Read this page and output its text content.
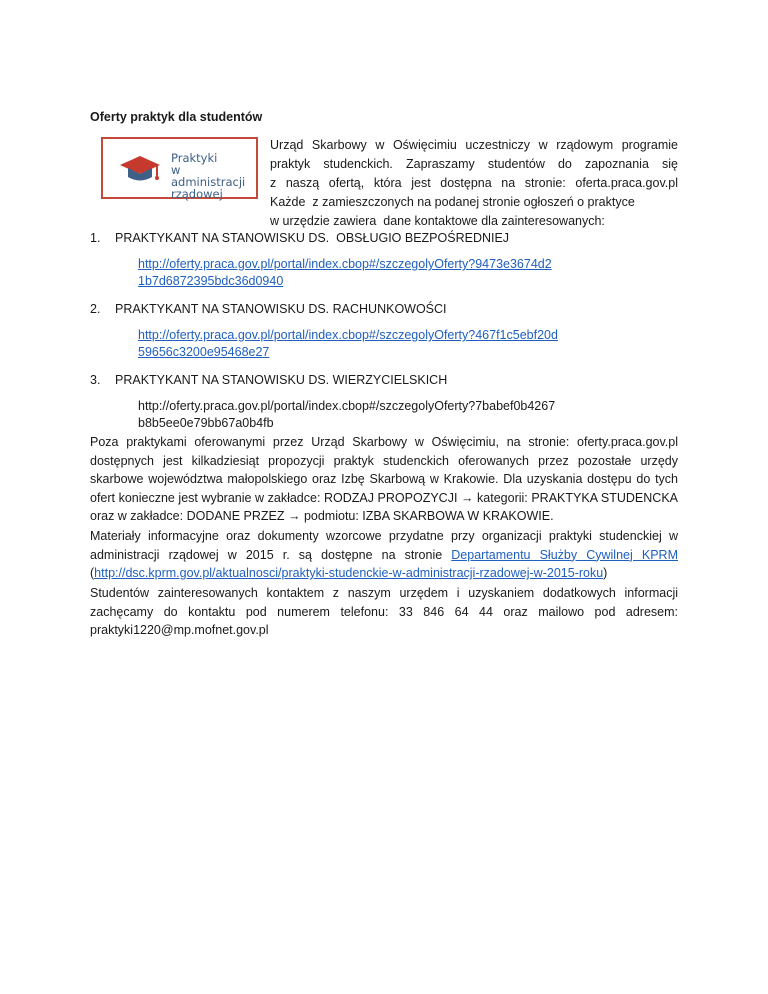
Oferty praktyk dla studentów
Praktyki
w administracji
rządowej

Urząd Skarbowy w Oświęcimiu uczestniczy w rządowym programie

praktyk studenckich. Zapraszamy studentów do zapoznania się

z naszą ofertą, która jest dostępna na stronie: oferta.praca.gov.pl

Każde  z zamieszczonych na podanej stronie ogłoszeń o praktyce

w urzędzie zawiera  dane kontaktowe dla zainteresowanych:

1.	PRAKTYKANT NA STANOWISKU DS.  OBSŁUGIO BEZPOŚREDNIEJ
http://oferty.praca.gov.pl/portal/index.cbop#/szczegolyOferty?9473e3674d21b7d6872395bdc36d0940
2.	PRAKTYKANT NA STANOWISKU DS. RACHUNKOWOŚCI
http://oferty.praca.gov.pl/portal/index.cbop#/szczegolyOferty?467f1c5ebf20d59656c3200e95468e27
3.	PRAKTYKANT NA STANOWISKU DS. WIERZYCIELSKICH
http://oferty.praca.gov.pl/portal/index.cbop#/szczegolyOferty?7babef0b4267b8b5ee0e79bb67a0b4fb

Poza praktykami oferowanymi przez Urząd Skarbowy w Oświęcimiu, na stronie: oferty.praca.gov.pl dostępnych jest kilkadziesiąt propozycji praktyk studenckich oferowanych przez pozostałe urzędy skarbowe województwa małopolskiego oraz Izbę Skarbową w Krakowie. Dla uzyskania dostępu do tych ofert konieczne jest wybranie w zakładce: RODZAJ PROPOZYCJI → kategorii: PRAKTYKA STUDENCKA oraz w zakładce: DODANE PRZEZ → podmiotu: IZBA SKARBOWA W KRAKOWIE.

Materiały informacyjne oraz dokumenty wzorcowe przydatne przy organizacji praktyki studenckiej w administracji rządowej w 2015 r. są dostępne na stronie Departamentu Służby Cywilnej KPRM (http://dsc.kprm.gov.pl/aktualnosci/praktyki-studenckie-w-administracji-rzadowej-w-2015-roku)

Studentów zainteresowanych kontaktem z naszym urzędem i uzyskaniem dodatkowych informacji zachęcamy do kontaktu pod numerem telefonu: 33 846 64 44 oraz mailowo pod adresem: praktyki1220@mp.mofnet.gov.pl
